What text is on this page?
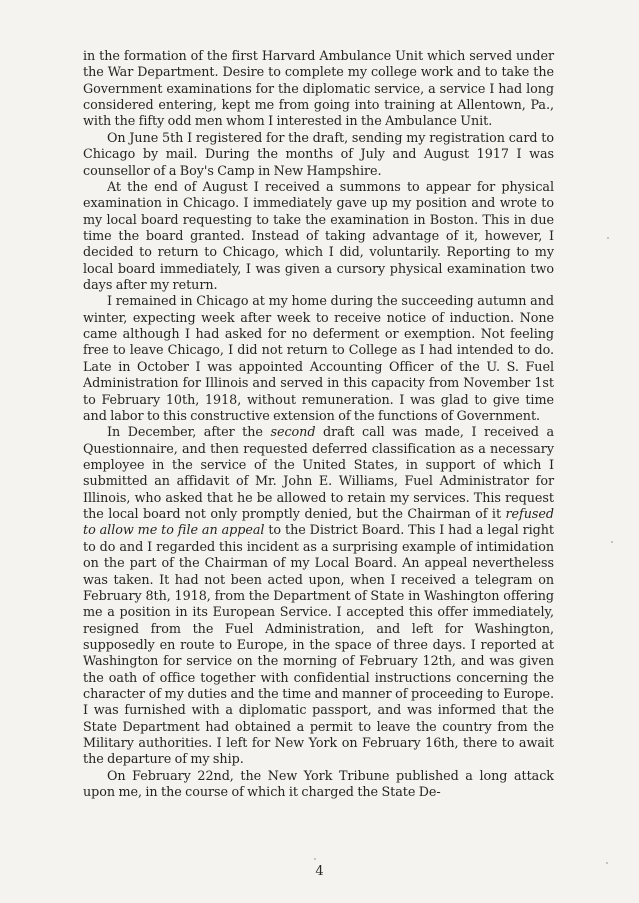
in the formation of the first Harvard Ambulance Unit which served under the War Department. Desire to complete my college work and to take the Government examinations for the diplomatic service, a service I had long considered entering, kept me from going into training at Allentown, Pa., with the fifty odd men whom I interested in the Ambulance Unit.

On June 5th I registered for the draft, sending my registration card to Chicago by mail. During the months of July and August 1917 I was counsellor of a Boy's Camp in New Hampshire.

At the end of August I received a summons to appear for physical examination in Chicago. I immediately gave up my position and wrote to my local board requesting to take the examination in Boston. This in due time the board granted. Instead of taking advantage of it, however, I decided to return to Chicago, which I did, voluntarily. Reporting to my local board immediately, I was given a cursory physical examination two days after my return.

I remained in Chicago at my home during the succeeding autumn and winter, expecting week after week to receive notice of induction. None came although I had asked for no deferment or exemption. Not feeling free to leave Chicago, I did not return to College as I had intended to do. Late in October I was appointed Accounting Officer of the U. S. Fuel Administration for Illinois and served in this capacity from November 1st to February 10th, 1918, without remuneration. I was glad to give time and labor to this constructive extension of the functions of Government.

In December, after the second draft call was made, I received a Questionnaire, and then requested deferred classification as a necessary employee in the service of the United States, in support of which I submitted an affidavit of Mr. John E. Williams, Fuel Administrator for Illinois, who asked that he be allowed to retain my services. This request the local board not only promptly denied, but the Chairman of it refused to allow me to file an appeal to the District Board. This I had a legal right to do and I regarded this incident as a surprising example of intimidation on the part of the Chairman of my Local Board. An appeal nevertheless was taken. It had not been acted upon, when I received a telegram on February 8th, 1918, from the Department of State in Washington offering me a position in its European Service. I accepted this offer immediately, resigned from the Fuel Administration, and left for Washington, supposedly en route to Europe, in the space of three days. I reported at Washington for service on the morning of February 12th, and was given the oath of office together with confidential instructions concerning the character of my duties and the time and manner of proceeding to Europe. I was furnished with a diplomatic passport, and was informed that the State Department had obtained a permit to leave the country from the Military authorities. I left for New York on February 16th, there to await the departure of my ship.

On February 22nd, the New York Tribune published a long attack upon me, in the course of which it charged the State De-

4
